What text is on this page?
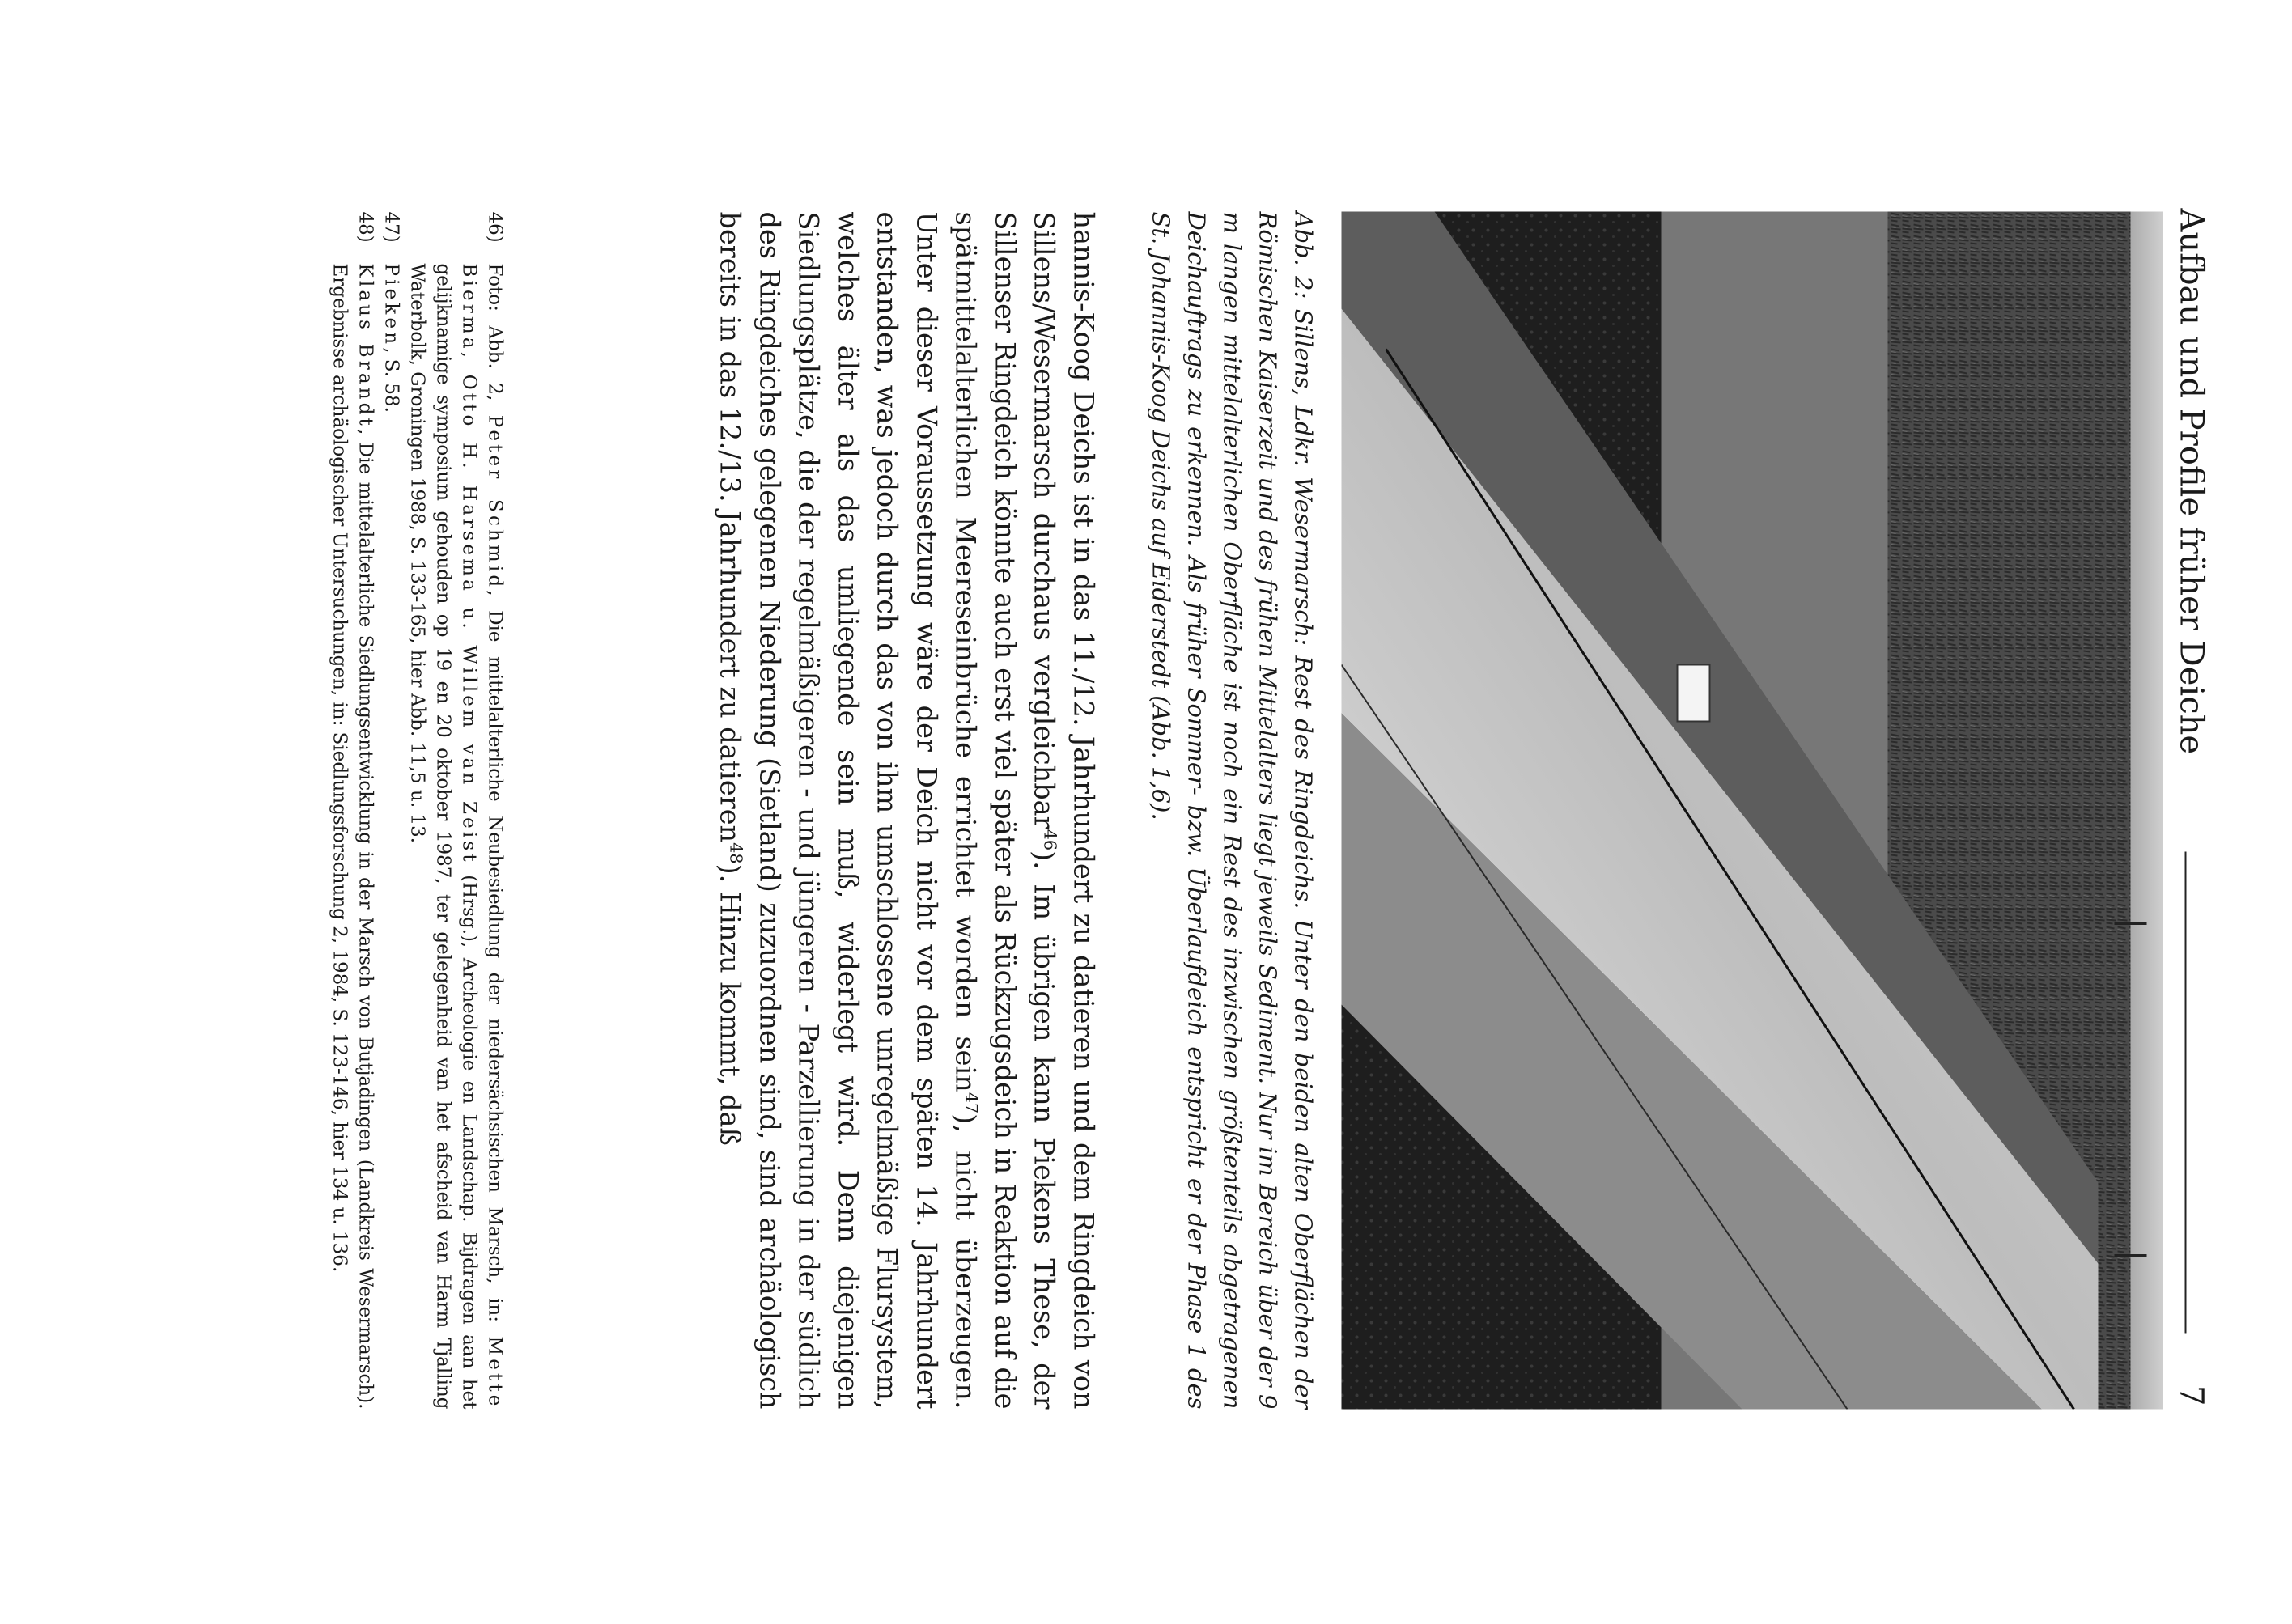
Aufbau und Profile früher Deiche
7

Abb. 2: Sillens, Ldkr. Wesermarsch: Rest des Ringdeichs. Unter den beiden alten Oberflächen der Römischen Kaiserzeit und des frühen Mittelalters liegt jeweils Sediment. Nur im Bereich über der 9 m langen mittelalterlichen Oberfläche ist noch ein Rest des inzwischen größtenteils abgetragenen Deichauftrags zu erkennen. Als früher Sommer- bzw. Überlaufdeich entspricht er der Phase 1 des St. Johannis-Koog Deichs auf Eiderstedt (Abb. 1,6).

hannis-Koog Deichs ist in das 11./12. Jahrhundert zu datieren und dem Ringdeich von Sillens/Wesermarsch durchaus vergleichbar$^{46}$). Im übrigen kann Piekens These, der Sillenser Ringdeich könnte auch erst viel später als Rückzugsdeich in Reaktion auf die spätmittelalterlichen Meereseinbrüche errichtet worden sein$^{47}$), nicht überzeugen. Unter dieser Voraussetzung wäre der Deich nicht vor dem späten 14. Jahrhundert entstanden, was jedoch durch das von ihm umschlossene unregelmäßige Flursystem, welches älter als das umliegende sein muß, widerlegt wird. Denn diejenigen Siedlungsplätze, die der regelmäßigeren - und jüngeren - Parzellierung in der südlich des Ringdeiches gelegenen Niederung (Sietland) zuzuordnen sind, sind archäologisch bereits in das 12./13. Jahrhundert zu datieren$^{48}$). Hinzu kommt, daß

46)
Foto: Abb. 2, Peter Schmid, Die mittelalterliche Neubesiedlung der niedersächsischen Marsch, in: Mette Bierma, Otto H. Harsema u. Willem van Zeist (Hrsg.), Archeologie en Landschap. Bijdragen aan het gelijknamige symposium gehouden op 19 en 20 oktober 1987, ter gelegenheid van het afscheid van Harm Tjalling Waterbolk, Groningen 1988, S. 133-165, hier Abb. 11,5 u. 13.
47)
Pieken, S. 58.
48)
Klaus Brandt, Die mittelalterliche Siedlungsentwicklung in der Marsch von Butjadingen (Landkreis Wesermarsch). Ergebnisse archäologischer Untersuchungen, in: Siedlungsforschung 2, 1984, S. 123-146, hier 134 u. 136.
